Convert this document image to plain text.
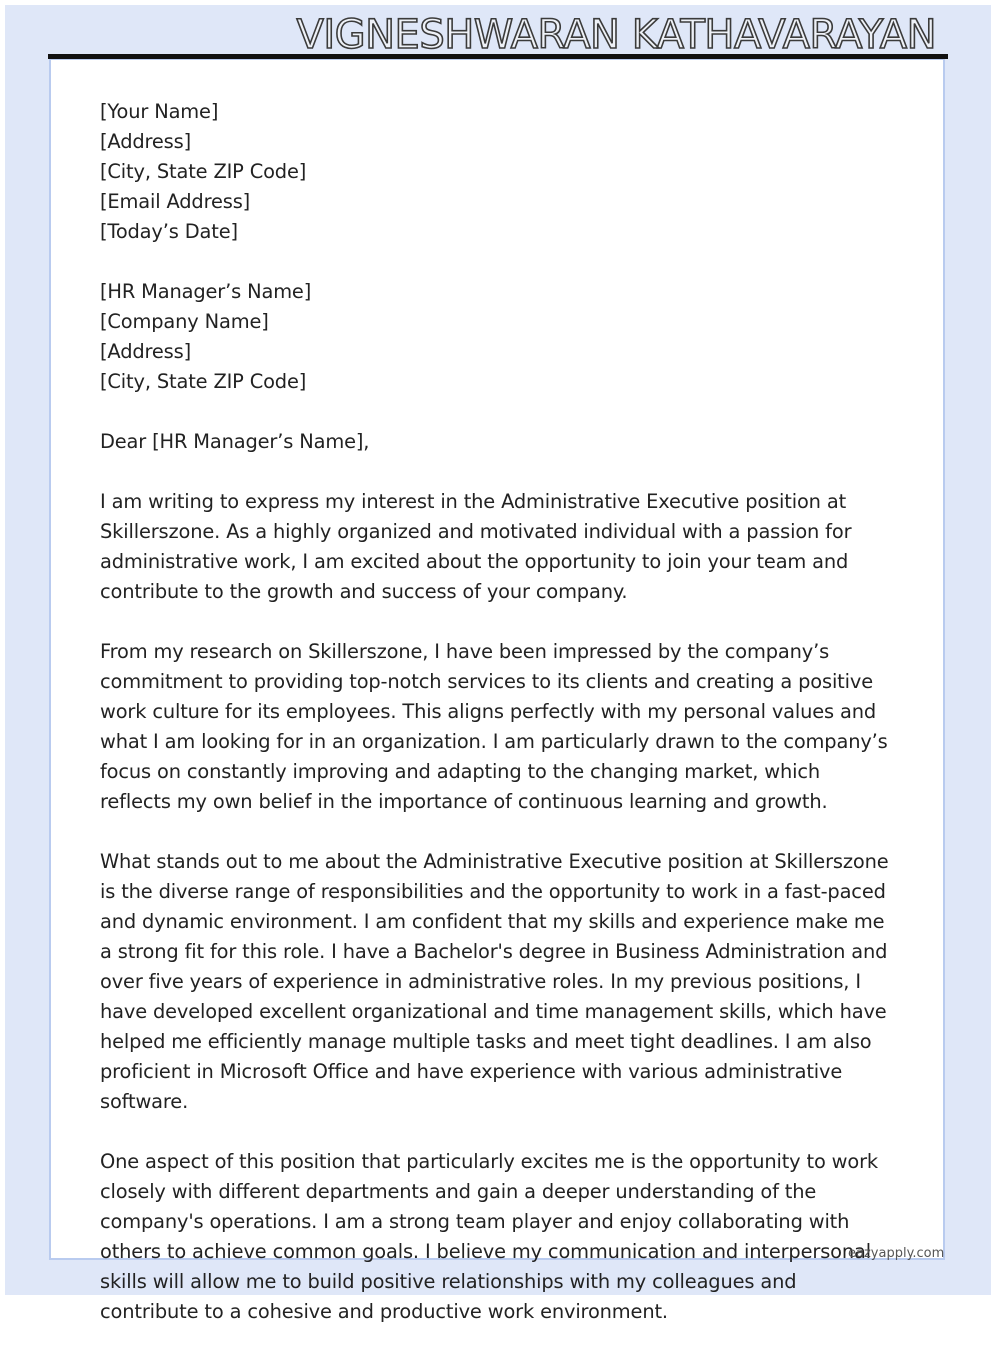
VIGNESHWARAN KATHAVARAYAN
[Your Name]
[Address]
[City, State ZIP Code]
[Email Address]
[Today’s Date]
[HR Manager’s Name]
[Company Name]
[Address]
[City, State ZIP Code]

Dear [HR Manager’s Name],

I am writing to express my interest in the Administrative Executive position at Skillerszone. As a highly organized and motivated individual with a passion for administrative work, I am excited about the opportunity to join your team and contribute to the growth and success of your company.

From my research on Skillerszone, I have been impressed by the company’s commitment to providing top-notch services to its clients and creating a positive work culture for its employees. This aligns perfectly with my personal values and what I am looking for in an organization. I am particularly drawn to the company’s focus on constantly improving and adapting to the changing market, which reflects my own belief in the importance of continuous learning and growth.

What stands out to me about the Administrative Executive position at Skillerszone is the diverse range of responsibilities and the opportunity to work in a fast-paced and dynamic environment. I am confident that my skills and experience make me a strong fit for this role. I have a Bachelor's degree in Business Administration and over five years of experience in administrative roles. In my previous positions, I have developed excellent organizational and time management skills, which have helped me efficiently manage multiple tasks and meet tight deadlines. I am also proficient in Microsoft Office and have experience with various administrative software.

One aspect of this position that particularly excites me is the opportunity to work closely with different departments and gain a deeper understanding of the company's operations. I am a strong team player and enjoy collaborating with others to achieve common goals. I believe my communication and interpersonal skills will allow me to build positive relationships with my colleagues and contribute to a cohesive and productive work environment.

eazyapply.com
